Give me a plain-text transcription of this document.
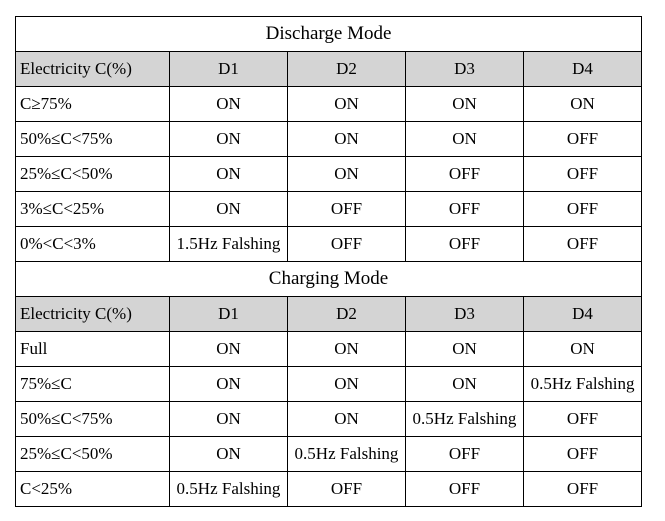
Discharge Mode				
Electricity C(%)	D1	D2	D3	D4
C≥75%	ON	ON	ON	ON
50%≤C<75%	ON	ON	ON	OFF
25%≤C<50%	ON	ON	OFF	OFF
3%≤C<25%	ON	OFF	OFF	OFF
0%<C<3%	1.5Hz Falshing	OFF	OFF	OFF
Charging Mode				
Electricity C(%)	D1	D2	D3	D4
Full	ON	ON	ON	ON
75%≤C	ON	ON	ON	0.5Hz Falshing
50%≤C<75%	ON	ON	0.5Hz Falshing	OFF
25%≤C<50%	ON	0.5Hz Falshing	OFF	OFF
C<25%	0.5Hz Falshing	OFF	OFF	OFF
